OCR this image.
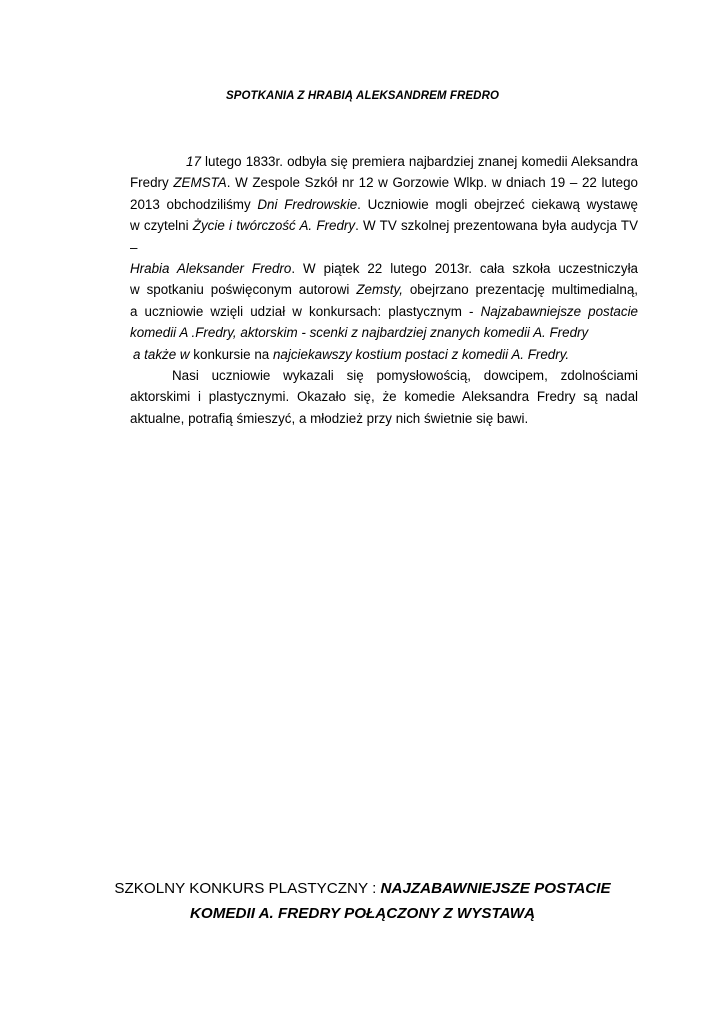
SPOTKANIA Z HRABIĄ ALEKSANDREM FREDRO
17 lutego 1833r. odbyła się premiera najbardziej znanej komedii Aleksandra
Fredry ZEMSTA. W Zespole Szkół nr 12 w Gorzowie Wlkp. w dniach 19 – 22 lutego
2013 obchodziliśmy Dni Fredrowskie. Uczniowie mogli obejrzeć ciekawą wystawę
w czytelni Życie i twórczość A. Fredry. W TV szkolnej prezentowana była audycja TV –
Hrabia Aleksander Fredro. W piątek 22 lutego 2013r. cała szkoła uczestniczyła
w spotkaniu poświęconym autorowi Zemsty, obejrzano prezentację multimedialną,
a uczniowie wzięli udział w konkursach: plastycznym - Najzabawniejsze postacie
komedii A .Fredry, aktorskim - scenki z najbardziej znanych komedii A. Fredry
a także w konkursie na najciekawszy kostium postaci z komedii A. Fredry.
Nasi uczniowie wykazali się pomysłowością, dowcipem, zdolnościami
aktorskimi i plastycznymi. Okazało się, że komedie Aleksandra Fredry są nadal
aktualne, potrafią śmieszyć, a młodzież przy nich świetnie się bawi.
SZKOLNY KONKURS PLASTYCZNY : NAJZABAWNIEJSZE POSTACIE
KOMEDII A. FREDRY POŁĄCZONY Z WYSTAWĄ
